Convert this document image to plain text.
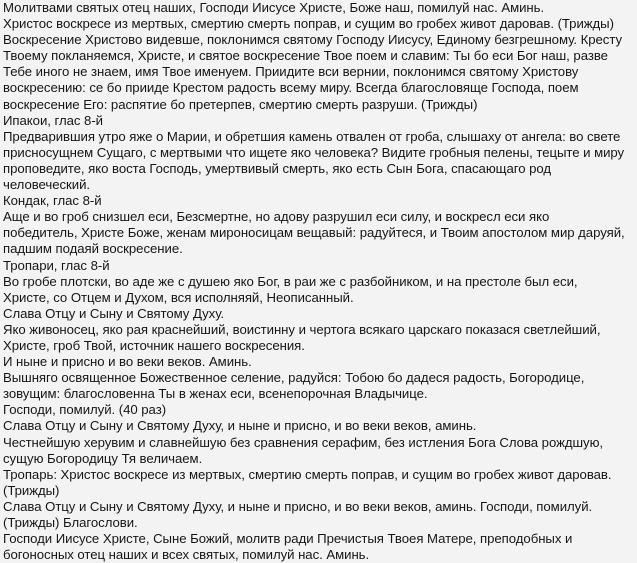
Молитвами святых отец наших, Господи Иисусе Христе, Боже наш, помилуй нас. Аминь.
Христос воскресе из мертвых, смертию смерть поправ, и сущим во гробех живот даровав. (Трижды)
Воскресение Христово видевше, поклонимся святому Господу Иисусу, Единому безгрешному. Кресту
Твоему покланяемся, Христе, и святое воскресение Твое поем и славим: Ты бо еси Бог наш, разве
Тебе иного не знаем, имя Твое именуем. Приидите вси вернии, поклонимся святому Христову
воскресению: се бо прииде Крестом радость всему миру. Всегда благословяще Господа, поем
воскресение Его: распятие бо претерпев, смертию смерть разруши. (Трижды)
Ипакои, глас 8-й
Предварившия утро яже о Марии, и обретшия камень отвален от гроба, слышаху от ангела: во свете
присносущнем Сущаго, с мертвыми что ищете яко человека? Видите гробныя пелены, тецыте и миру
проповедите, яко воста Господь, умертвивый смерть, яко есть Сын Бога, спасающаго род
человеческий.
Кондак, глас 8-й
Аще и во гроб снизшел еси, Безсмертне, но адову разрушил еси силу, и воскресл еси яко
победитель, Христе Боже, женам мироносицам вещавый: радуйтеся, и Твоим апостолом мир даруяй,
падшим подаяй воскресение.
Тропари, глас 8-й
Во гробе плотски, во аде же с душею яко Бог, в раи же с разбойником, и на престоле был еси,
Христе, со Отцем и Духом, вся исполняяй, Неописанный.
Слава Отцу и Сыну и Святому Духу.
Яко живоносец, яко рая краснейший, воистинну и чертога всякаго царскаго показася светлейший,
Христе, гроб Твой, источник нашего воскресения.
И ныне и присно и во веки веков. Аминь.
Вышняго освященное Божественное селение, радуйся: Тобою бо дадеся радость, Богородице,
зовущим: благословенна Ты в женах еси, всенепорочная Владычице.
Господи, помилуй. (40 раз)
Слава Отцу и Сыну и Святому Духу, и ныне и присно, и во веки веков, аминь.
Честнейшую херувим и славнейшую без сравнения серафим, без истления Бога Слова рождшую,
сущую Богородицу Тя величаем.
Тропарь: Христос воскресе из мертвых, смертию смерть поправ, и сущим во гробех живот даровав.
(Трижды)
Слава Отцу и Сыну и Святому Духу, и ныне и присно, и во веки веков, аминь. Господи, помилуй.
(Трижды) Благослови.
Господи Иисусе Христе, Сыне Божий, молитв ради Пречистыя Твоея Матере, преподобных и
богоносных отец наших и всех святых, помилуй нас. Аминь.
